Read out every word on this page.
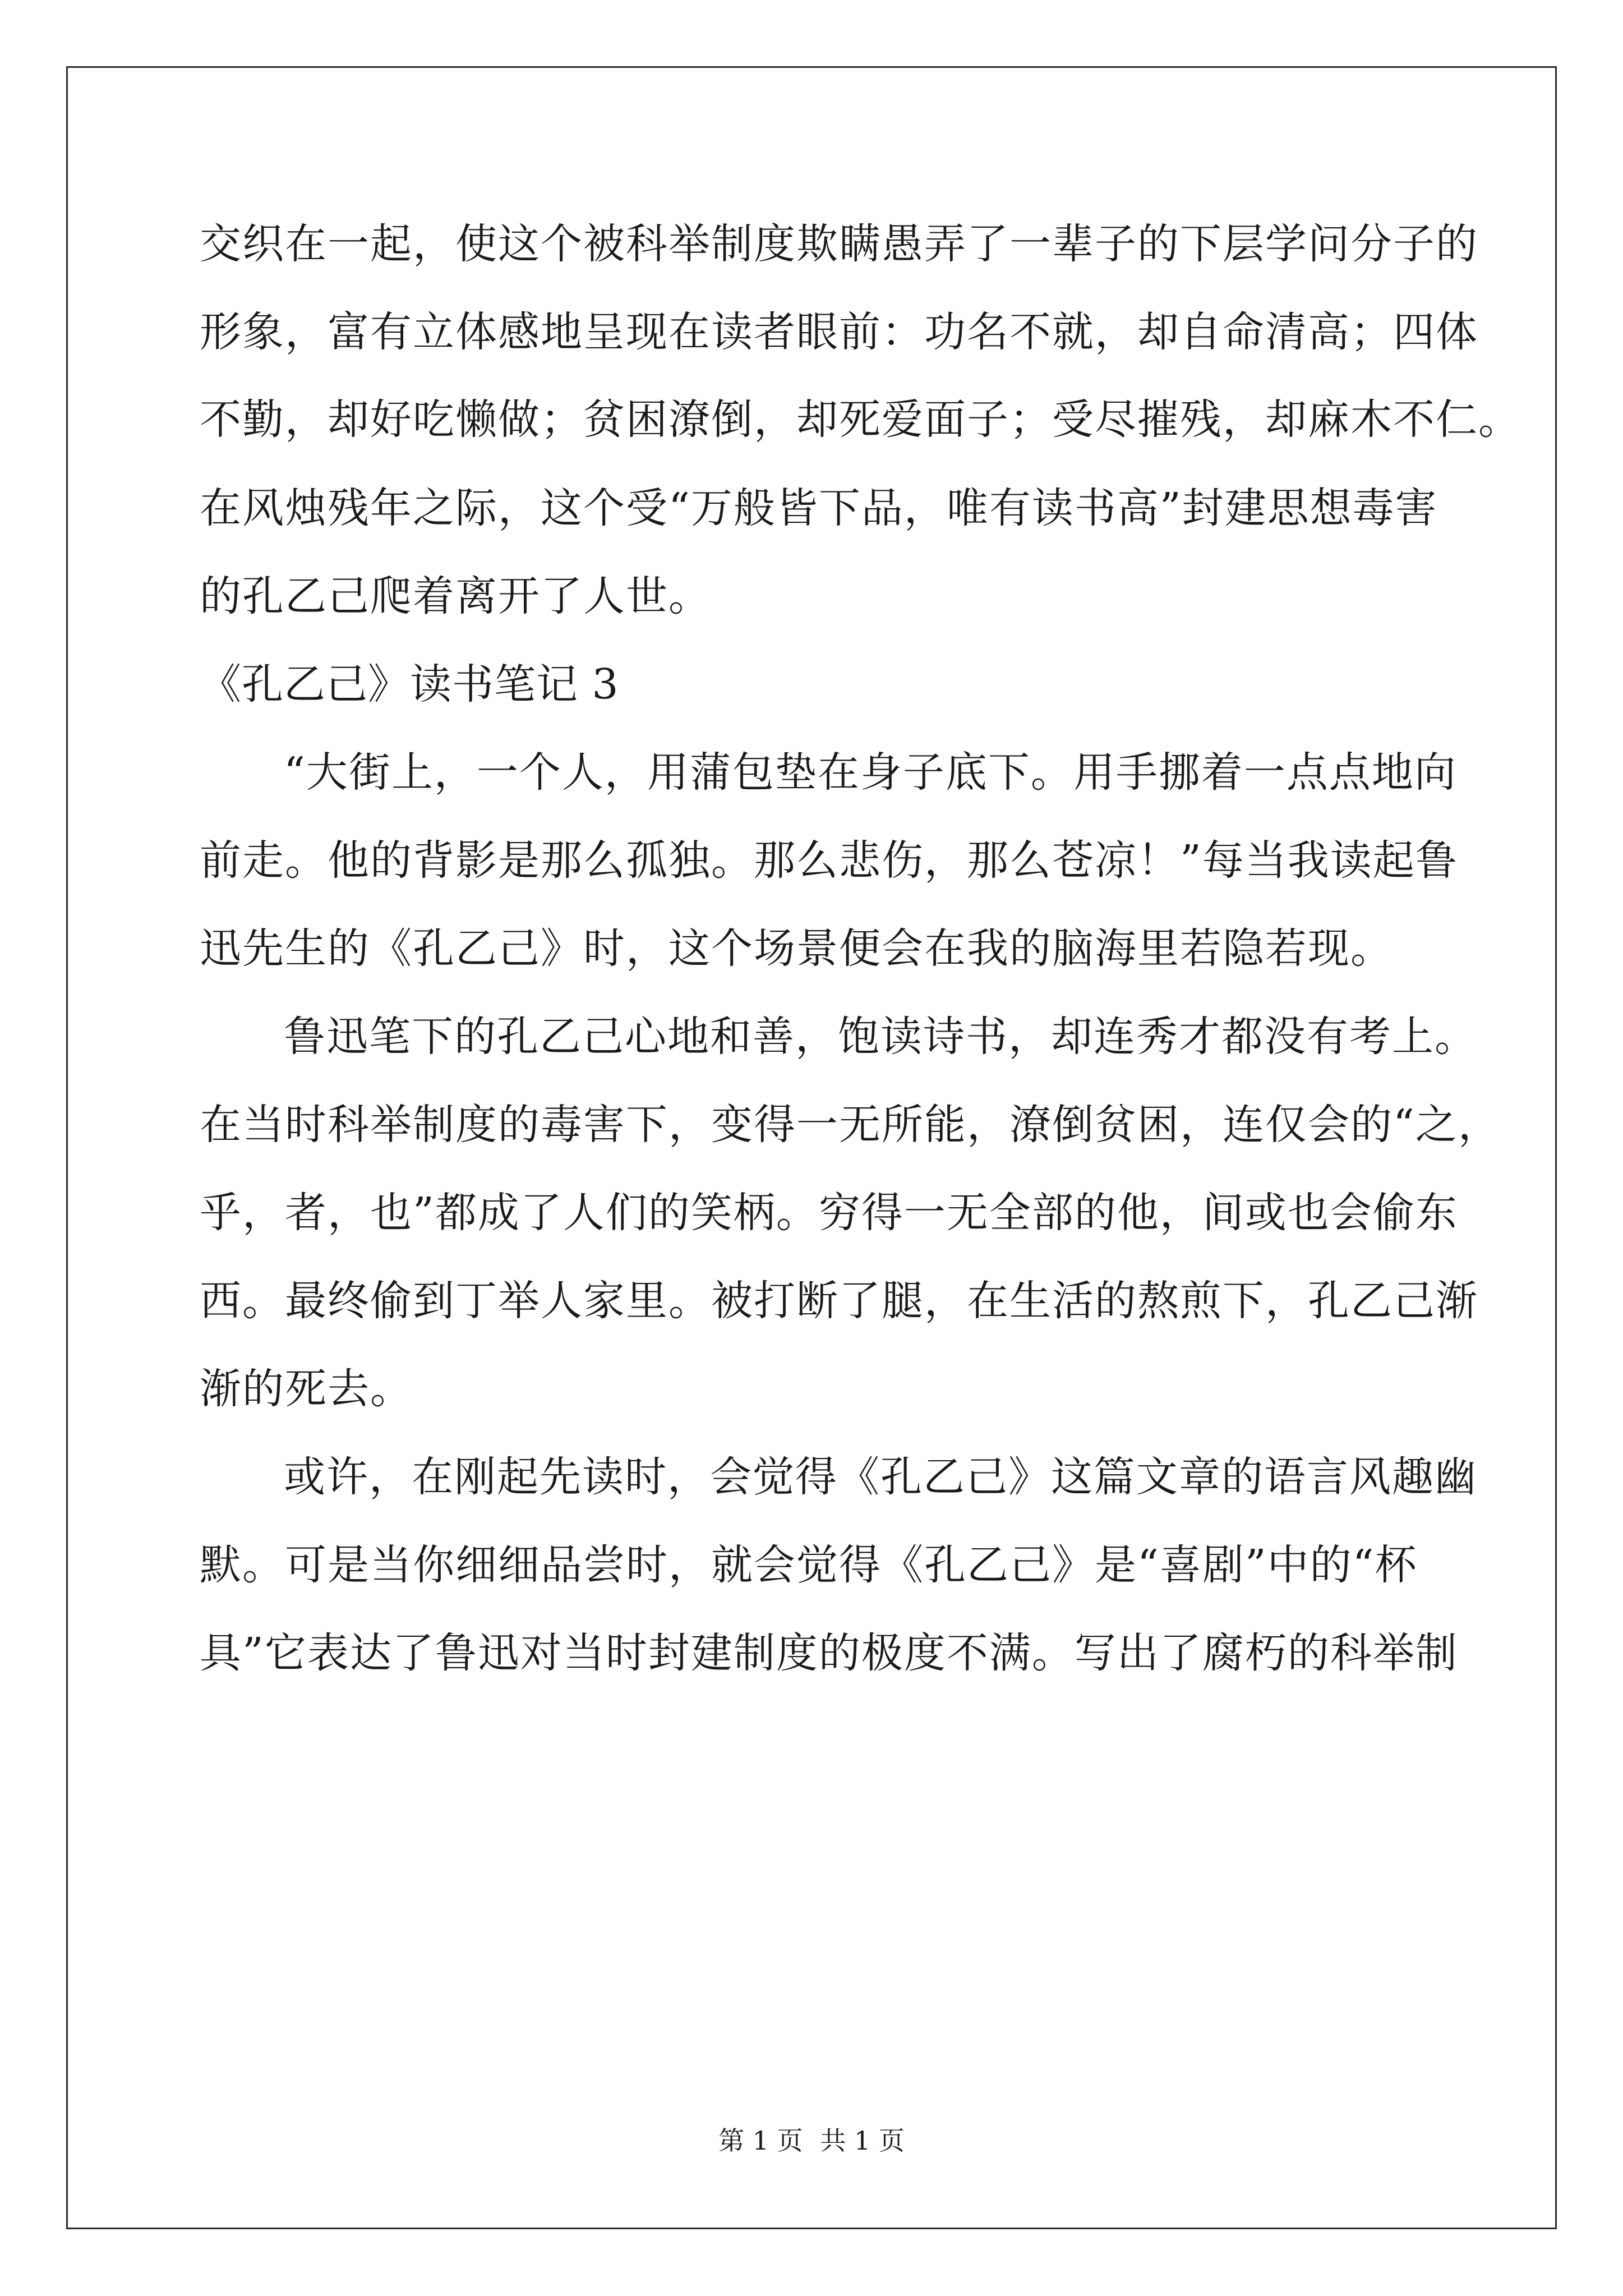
交织在一起，使这个被科举制度欺瞒愚弄了一辈子的下层学问分子的
形象，富有立体感地呈现在读者眼前：功名不就，却自命清高；四体
不勤，却好吃懒做；贫困潦倒，却死爱面子；受尽摧残，却麻木不仁。
在风烛残年之际，这个受“万般皆下品，唯有读书高”封建思想毒害
的孔乙己爬着离开了人世。
《孔乙己》读书笔记 3
“大街上，一个人，用蒲包垫在身子底下。用手挪着一点点地向
前走。他的背影是那么孤独。那么悲伤，那么苍凉！”每当我读起鲁
迅先生的《孔乙己》时，这个场景便会在我的脑海里若隐若现。
鲁迅笔下的孔乙己心地和善，饱读诗书，却连秀才都没有考上。
在当时科举制度的毒害下，变得一无所能，潦倒贫困，连仅会的“之，
乎，者，也”都成了人们的笑柄。穷得一无全部的他，间或也会偷东
西。最终偷到丁举人家里。被打断了腿，在生活的熬煎下，孔乙己渐
渐的死去。
或许，在刚起先读时，会觉得《孔乙己》这篇文章的语言风趣幽
默。可是当你细细品尝时，就会觉得《孔乙己》是“喜剧”中的“杯
具”它表达了鲁迅对当时封建制度的极度不满。写出了腐朽的科举制
第 1 页 共 1 页
